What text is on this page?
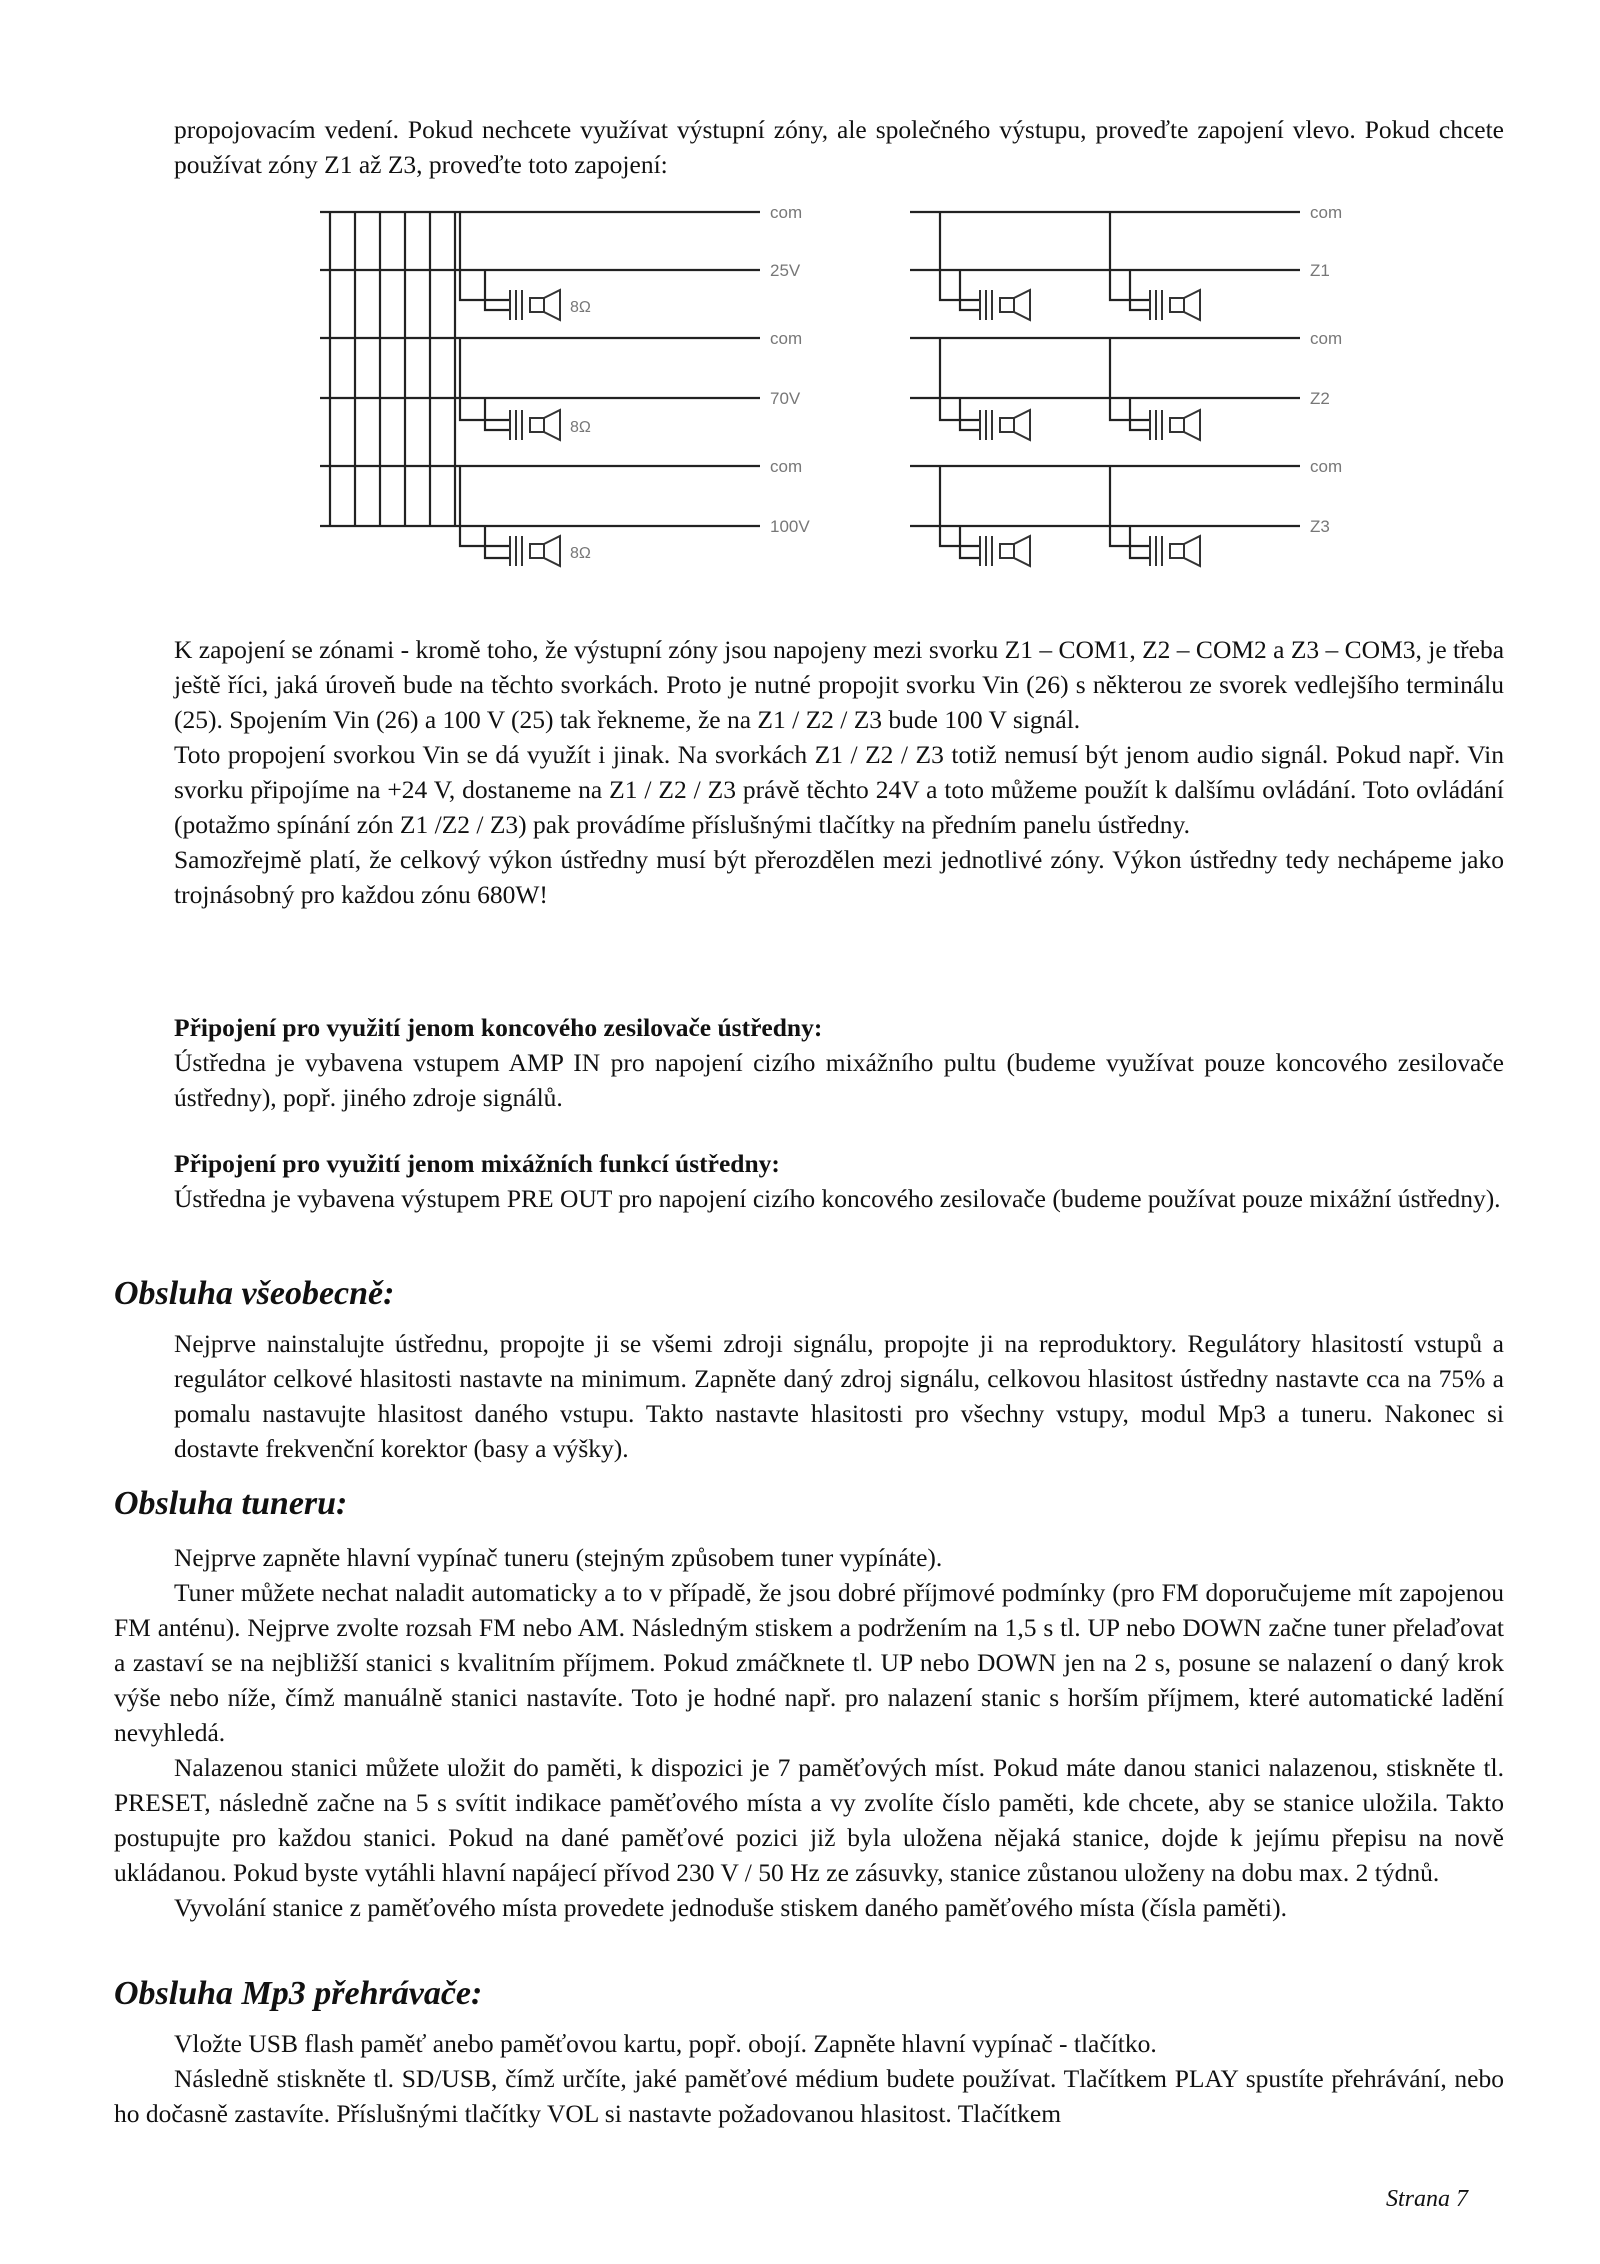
propojovacím vedení. Pokud nechcete využívat výstupní zóny, ale společného výstupu, proveďte zapojení vlevo. Pokud chcete používat zóny Z1 až Z3, proveďte toto zapojení:

8Ω
8Ω
8Ω
com
25V
com
70V
com
100V
com
Z1
com
Z2
com
Z3

K zapojení se zónami - kromě toho, že výstupní zóny jsou napojeny mezi svorku Z1 – COM1, Z2 – COM2 a Z3 – COM3, je třeba ještě říci, jaká úroveň bude na těchto svorkách. Proto je nutné propojit svorku Vin (26) s některou ze svorek vedlejšího terminálu (25). Spojením Vin (26) a 100 V (25) tak řekneme, že na Z1 / Z2 / Z3 bude 100 V signál.

Toto propojení svorkou Vin se dá využít i jinak. Na svorkách Z1 / Z2 / Z3 totiž nemusí být jenom audio signál. Pokud např. Vin svorku připojíme na +24 V, dostaneme na Z1 / Z2 / Z3 právě těchto 24V a toto můžeme použít k dalšímu ovládání. Toto ovládání (potažmo spínání zón Z1 /Z2 / Z3) pak provádíme příslušnými tlačítky na předním panelu ústředny.

Samozřejmě platí, že celkový výkon ústředny musí být přerozdělen mezi jednotlivé zóny. Výkon ústředny tedy nechápeme jako trojnásobný pro každou zónu 680W!

Připojení pro využití jenom koncového zesilovače ústředny:

Ústředna je vybavena vstupem AMP IN pro napojení cizího mixážního pultu (budeme využívat pouze koncového zesilovače ústředny), popř. jiného zdroje signálů.

Připojení pro využití jenom mixážních funkcí ústředny:

Ústředna je vybavena výstupem PRE OUT pro napojení cizího koncového zesilovače (budeme používat pouze mixážní ústředny).

Obsluha všeobecně:

Nejprve nainstalujte ústřednu, propojte ji se všemi zdroji signálu, propojte ji na reproduktory. Regulátory hlasitostí vstupů a regulátor celkové hlasitosti nastavte na minimum. Zapněte daný zdroj signálu, celkovou hlasitost ústředny nastavte cca na 75% a pomalu nastavujte hlasitost daného vstupu. Takto nastavte hlasitosti pro všechny vstupy, modul Mp3 a tuneru. Nakonec si dostavte frekvenční korektor (basy a výšky).

Obsluha tuneru:

Nejprve zapněte hlavní vypínač tuneru (stejným způsobem tuner vypínáte).

Tuner můžete nechat naladit automaticky a to v případě, že jsou dobré příjmové podmínky (pro FM doporučujeme mít zapojenou FM anténu). Nejprve zvolte rozsah FM nebo AM. Následným stiskem a podržením na 1,5 s tl. UP nebo DOWN začne tuner přelaďovat a zastaví se na nejbližší stanici s kvalitním příjmem. Pokud zmáčknete tl. UP nebo DOWN jen na 2 s, posune se nalazení o daný krok výše nebo níže, čímž manuálně stanici nastavíte. Toto je hodné např. pro nalazení stanic s horším příjmem, které automatické ladění nevyhledá.

Nalazenou stanici můžete uložit do paměti, k dispozici je 7 paměťových míst. Pokud máte danou stanici nalazenou, stiskněte tl. PRESET, následně začne na 5 s svítit indikace paměťového místa a vy zvolíte číslo paměti, kde chcete, aby se stanice uložila. Takto postupujte pro každou stanici. Pokud na dané paměťové pozici již byla uložena nějaká stanice, dojde k jejímu přepisu na nově ukládanou. Pokud byste vytáhli hlavní napájecí přívod 230 V / 50 Hz ze zásuvky, stanice zůstanou uloženy na dobu max. 2 týdnů.

Vyvolání stanice z paměťového místa provedete jednoduše stiskem daného paměťového místa (čísla paměti).

Obsluha Mp3 přehrávače:

Vložte USB flash paměť anebo paměťovou kartu, popř. obojí. Zapněte hlavní vypínač - tlačítko.

Následně stiskněte tl. SD/USB, čímž určíte, jaké paměťové médium budete používat. Tlačítkem PLAY spustíte přehrávání, nebo ho dočasně zastavíte. Příslušnými tlačítky VOL si nastavte požadovanou hlasitost. Tlačítkem

Strana 7
